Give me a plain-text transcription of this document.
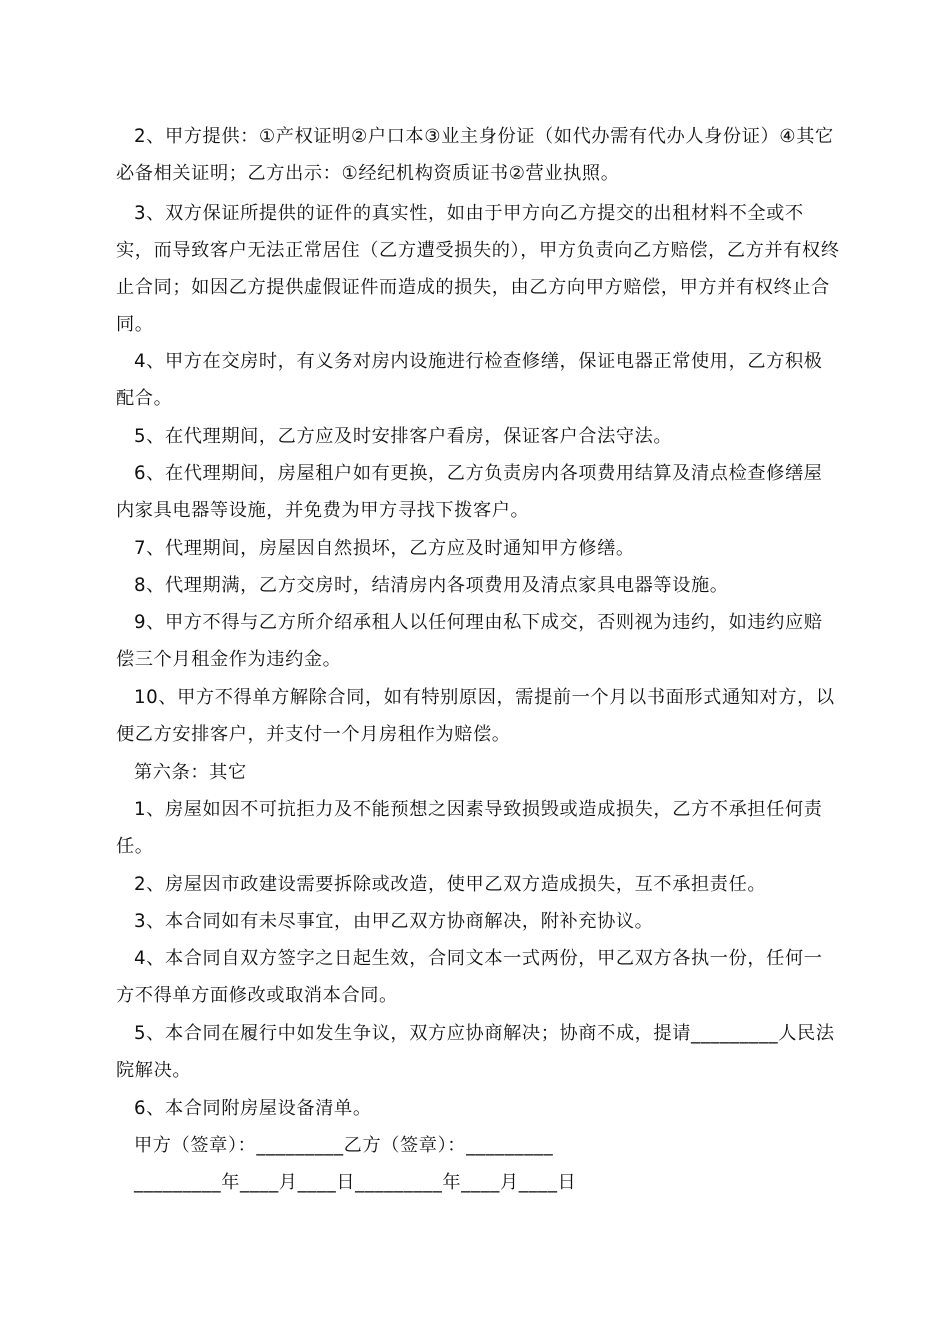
2、甲方提供：①产权证明②户口本③业主身份证（如代办需有代办人身份证）④其它必备相关证明；乙方出示：①经纪机构资质证书②营业执照。

3、双方保证所提供的证件的真实性，如由于甲方向乙方提交的出租材料不全或不实，而导致客户无法正常居住（乙方遭受损失的），甲方负责向乙方赔偿，乙方并有权终止合同；如因乙方提供虚假证件而造成的损失，由乙方向甲方赔偿，甲方并有权终止合同。

4、甲方在交房时，有义务对房内设施进行检查修缮，保证电器正常使用，乙方积极配合。

5、在代理期间，乙方应及时安排客户看房，保证客户合法守法。

6、在代理期间，房屋租户如有更换，乙方负责房内各项费用结算及清点检查修缮屋内家具电器等设施，并免费为甲方寻找下拨客户。

7、代理期间，房屋因自然损坏，乙方应及时通知甲方修缮。

8、代理期满，乙方交房时，结清房内各项费用及清点家具电器等设施。

9、甲方不得与乙方所介绍承租人以任何理由私下成交，否则视为违约，如违约应赔偿三个月租金作为违约金。

10、甲方不得单方解除合同，如有特别原因，需提前一个月以书面形式通知对方，以便乙方安排客户，并支付一个月房租作为赔偿。

第六条：其它

1、房屋如因不可抗拒力及不能预想之因素导致损毁或造成损失，乙方不承担任何责任。

2、房屋因市政建设需要拆除或改造，使甲乙双方造成损失，互不承担责任。

3、本合同如有未尽事宜，由甲乙双方协商解决，附补充协议。

4、本合同自双方签字之日起生效，合同文本一式两份，甲乙双方各执一份，任何一方不得单方面修改或取消本合同。

5、本合同在履行中如发生争议，双方应协商解决；协商不成，提请_________人民法院解决。

6、本合同附房屋设备清单。

甲方（签章）：_________乙方（签章）：_________

_________年____月____日_________年____月____日
